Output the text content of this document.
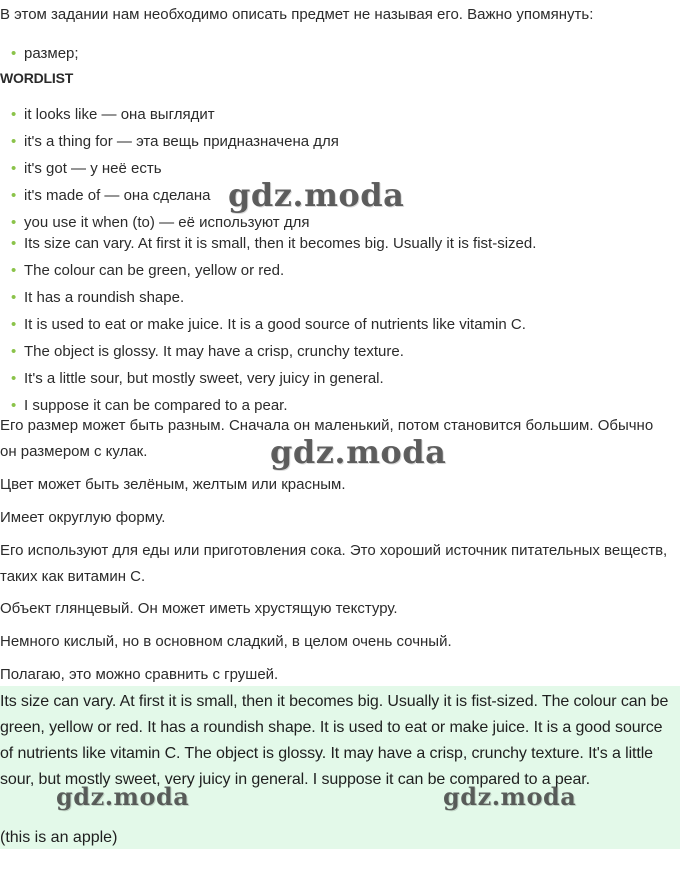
В этом задании нам необходимо описать предмет не называя его. Важно упомянуть:

• размер;

WORDLIST

• it looks like — она выглядит
• it's a thing for — эта вещь придназначена для
• it's got — у неё есть
• it's made of — она сделана
• you use it when (to) — её используют для
• Its size can vary. At first it is small, then it becomes big. Usually it is fist-sized.
• The colour can be green, yellow or red.
• It has a roundish shape.
• It is used to eat or make juice. It is a good source of nutrients like vitamin C.
• The object is glossy. It may have a crisp, crunchy texture.
• It's a little sour, but mostly sweet, very juicy in general.
• I suppose it can be compared to a pear.

Его размер может быть разным. Сначала он маленький, потом становится большим. Обычно он размером с кулак.

Цвет может быть зелёным, желтым или красным.

Имеет округлую форму.

Его используют для еды или приготовления сока. Это хороший источник питательных веществ, таких как витамин С.

Объект глянцевый. Он может иметь хрустящую текстуру.

Немного кислый, но в основном сладкий, в целом очень сочный.

Полагаю, это можно сравнить с грушей.

Its size can vary. At first it is small, then it becomes big. Usually it is fist-sized. The colour can be green, yellow or red. It has a roundish shape. It is used to eat or make juice. It is a good source of nutrients like vitamin C. The object is glossy. It may have a crisp, crunchy texture. It's a little sour, but mostly sweet, very juicy in general. I suppose it can be compared to a pear.

(this is an apple)

gdz.moda
gdz.moda
gdz.moda	gdz.moda
